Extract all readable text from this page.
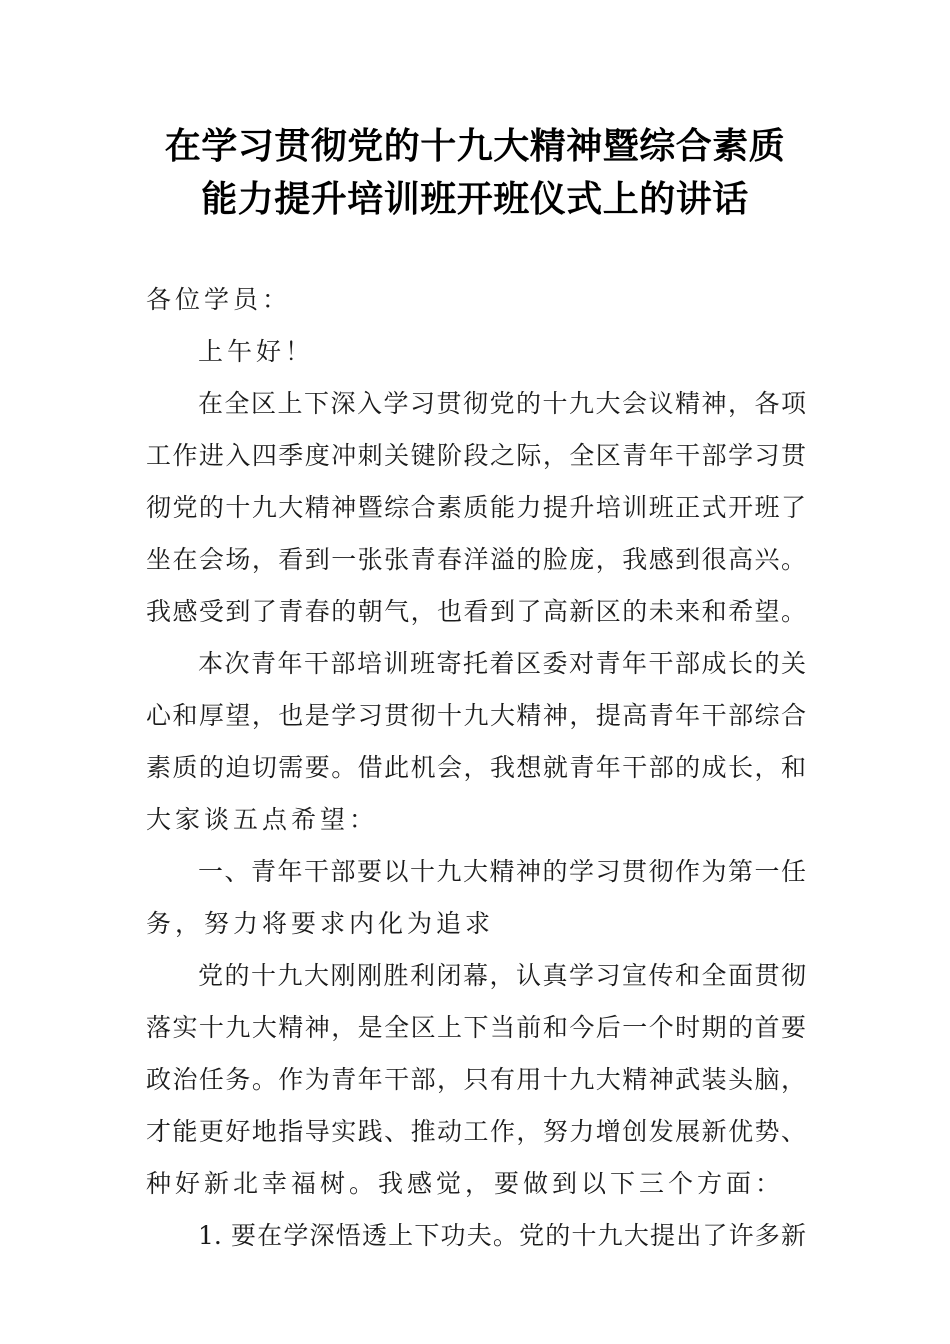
在学习贯彻党的十九大精神暨综合素质
能力提升培训班开班仪式上的讲话
各位学员：
上午好！
在全区上下深入学习贯彻党的十九大会议精神，各项
工作进入四季度冲刺关键阶段之际，全区青年干部学习贯
彻党的十九大精神暨综合素质能力提升培训班正式开班了
坐在会场，看到一张张青春洋溢的脸庞，我感到很高兴。
我感受到了青春的朝气，也看到了高新区的未来和希望。
本次青年干部培训班寄托着区委对青年干部成长的关
心和厚望，也是学习贯彻十九大精神，提高青年干部综合
素质的迫切需要。借此机会，我想就青年干部的成长，和
大家谈五点希望：
一、青年干部要以十九大精神的学习贯彻作为第一任
务，努力将要求内化为追求
党的十九大刚刚胜利闭幕，认真学习宣传和全面贯彻
落实十九大精神，是全区上下当前和今后一个时期的首要
政治任务。作为青年干部，只有用十九大精神武装头脑，
才能更好地指导实践、推动工作，努力增创发展新优势、
种好新北幸福树。我感觉，要做到以下三个方面：
1. 要在学深悟透上下功夫。党的十九大提出了许多新
